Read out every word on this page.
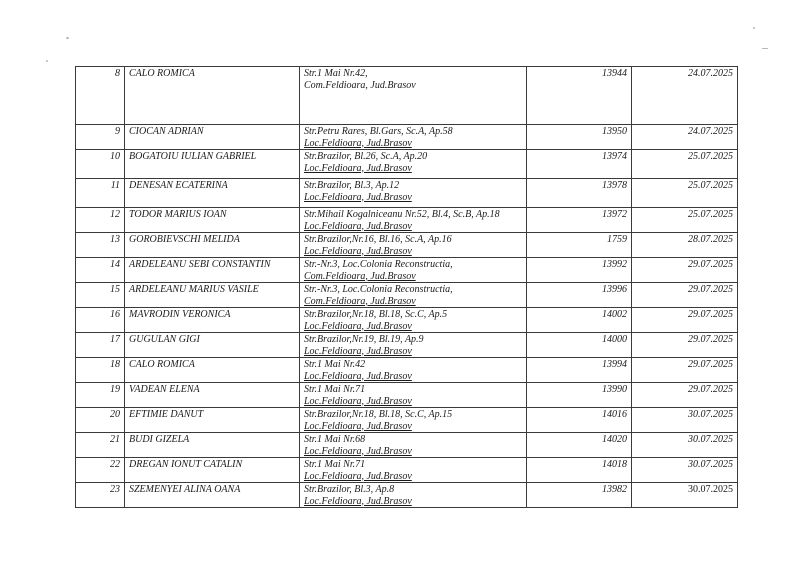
8	CALO ROMICA	Str.1 Mai Nr.42,
Com.Feldioara, Jud.Brasov	13944	24.07.2025

9	CIOCAN ADRIAN	Str.Petru Rares, Bl.Gars, Sc.A, Ap.58
Loc.Feldioara, Jud.Brasov	13950	24.07.2025

10	BOGATOIU IULIAN GABRIEL	Str.Brazilor, Bl.26, Sc.A, Ap.20
Loc.Feldioara, Jud.Brasov	13974	25.07.2025

11	DENESAN ECATERINA	Str.Brazilor, Bl.3, Ap.12
Loc.Feldioara, Jud.Brasov	13978	25.07.2025

12	TODOR MARIUS IOAN	Str.Mihail Kogalniceanu Nr.52, Bl.4, Sc.B, Ap.18
Loc.Feldioara, Jud.Brasov	13972	25.07.2025

13	GOROBIEVSCHI MELIDA	Str.Brazilor,Nr.16, Bl.16, Sc.A, Ap.16
Loc.Feldioara, Jud.Brasov	1759	28.07.2025

14	ARDELEANU SEBI CONSTANTIN	Str.-Nr.3, Loc.Colonia Reconstructia,
Com.Feldioara, Jud.Brasov	13992	29.07.2025

15	ARDELEANU MARIUS VASILE	Str.-Nr.3, Loc.Colonia Reconstructia,
Com.Feldioara, Jud.Brasov	13996	29.07.2025

16	MAVRODIN VERONICA	Str.Brazilor,Nr.18, Bl.18, Sc.C, Ap.5
Loc.Feldioara, Jud.Brasov	14002	29.07.2025

17	GUGULAN GIGI	Str.Brazilor,Nr.19, Bl.19, Ap.9
Loc.Feldioara, Jud.Brasov	14000	29.07.2025

18	CALO ROMICA	Str.1 Mai Nr.42
Loc.Feldioara, Jud.Brasov	13994	29.07.2025

19	VADEAN ELENA	Str.1 Mai Nr.71
Loc.Feldioara, Jud.Brasov	13990	29.07.2025

20	EFTIMIE DANUT	Str.Brazilor,Nr.18, Bl.18, Sc.C, Ap.15
Loc.Feldioara, Jud.Brasov	14016	30.07.2025

21	BUDI GIZELA	Str.1 Mai Nr.68
Loc.Feldioara, Jud.Brasov	14020	30.07.2025

22	DREGAN IONUT CATALIN	Str.1 Mai Nr.71
Loc.Feldioara, Jud.Brasov	14018	30.07.2025

23	SZEMENYEI ALINA OANA	Str.Brazilor, Bl.3, Ap.8
Loc.Feldioara, Jud.Brasov	13982	30.07.2025
